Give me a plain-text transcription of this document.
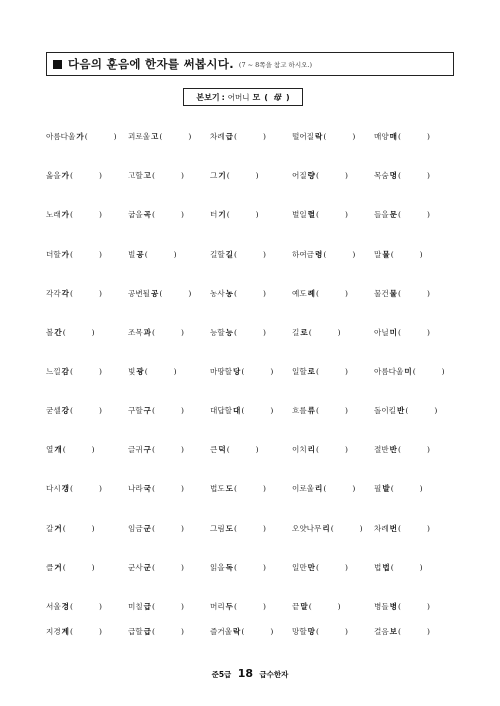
다음의 훈음에 한자를 써봅시다. (7 ~ 8쪽을 참고 하시오.)
본보기 : 어머니 모 ( 母 )
아름다울 가 (	) 괴로울 고 (	) 차례 급 (	)	떨어질 락 (	) 매양 매 (	)
옳을 가 (	)	고할 고 (	)	그 기 (	)	어질 량 (	)	목숨 명 (	)
노래 가 (	)	굽을 곡 (	)	터 기 (	)	벌일 렬 (	)	들을 문 (	)
더할 가 (	)	빌 공 (	)	길할 길 (	)	하여금 령 (	) 말 물 (	)
각각 각 (	)	공변될 공 (	) 농사 농 (	)	예도 례 (	)	물건 물 (	)
볼 간 (	)	조목 과 (	)	능할 능 (	)	길 로 (	)	아닐 미 (	)
느낄 감 (	)	빛 광 (	)	마땅할 당 (	) 일할 로 (	)	아름다울 미 (	)
굳셀 강 (	)	구할 구 (	)	대답할 대 (	) 흐를 류 (	)	돌이킬 반 (	)
열 개 (	)	글귀 구 (	)	큰 덕 (	)	이치 리 (	)	절반 반 (	)
다시 갱 (	)	나라 국 (	)	법도 도 (	)	이로울 리 (	) 필 발 (	)
갈 거 (	)	임금 군 (	)	그림 도 (	)	오얏나무 리 (	) 차례 번 (	)
클 거 (	)	군사 군 (	)	읽을 독 (	)	일만 만 (	)	법 법 (	)
서울 경 (	)	미칠 급 (	)	머리 두 (	)	끝 말 (	)	병들 병 (	)
지경 계 (	)	급할 급 (	)	즐거울 락 (	) 망할 망 (	)	걸음 보 (	)
준5급 18 급수한자
